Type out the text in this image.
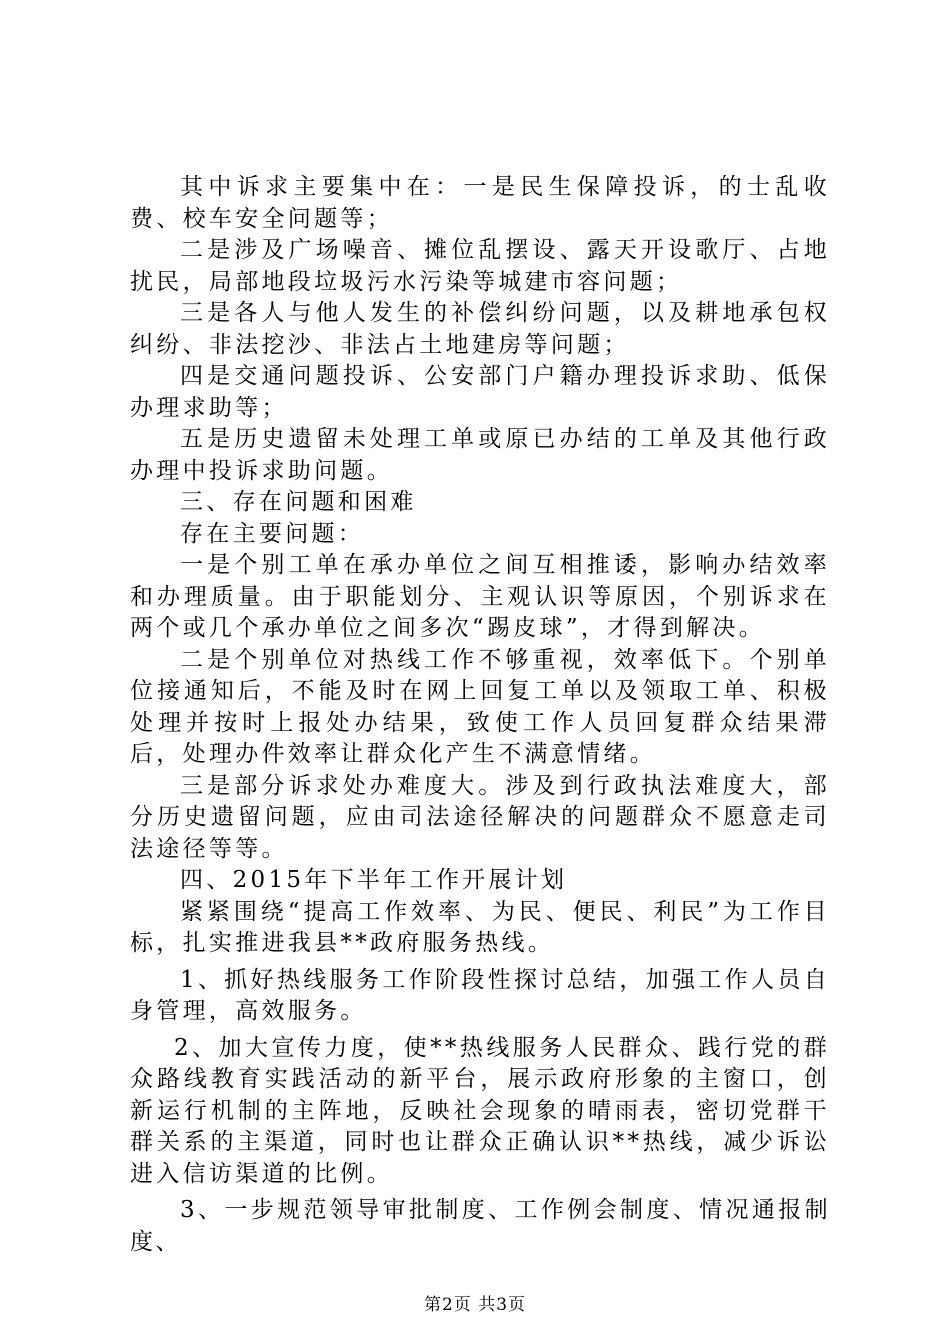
其中诉求主要集中在：一是民生保障投诉，的士乱收费、校车安全问题等；

二是涉及广场噪音、摊位乱摆设、露天开设歌厅、占地扰民，局部地段垃圾污水污染等城建市容问题；

三是各人与他人发生的补偿纠纷问题，以及耕地承包权纠纷、非法挖沙、非法占土地建房等问题；

四是交通问题投诉、公安部门户籍办理投诉求助、低保办理求助等；

五是历史遗留未处理工单或原已办结的工单及其他行政办理中投诉求助问题。

三、存在问题和困难

存在主要问题：

一是个别工单在承办单位之间互相推诿，影响办结效率和办理质量。由于职能划分、主观认识等原因，个别诉求在两个或几个承办单位之间多次“踢皮球”，才得到解决。

二是个别单位对热线工作不够重视，效率低下。个别单位接通知后，不能及时在网上回复工单以及领取工单、积极处理并按时上报处办结果，致使工作人员回复群众结果滞后，处理办件效率让群众化产生不满意情绪。

三是部分诉求处办难度大。涉及到行政执法难度大，部分历史遗留问题，应由司法途径解决的问题群众不愿意走司法途径等等。

四、2015年下半年工作开展计划

紧紧围绕“提高工作效率、为民、便民、利民”为工作目标，扎实推进我县**政府服务热线。

1、抓好热线服务工作阶段性探讨总结，加强工作人员自身管理，高效服务。

2、加大宣传力度，使**热线服务人民群众、践行党的群众路线教育实践活动的新平台，展示政府形象的主窗口，创新运行机制的主阵地，反映社会现象的晴雨表，密切党群干群关系的主渠道，同时也让群众正确认识**热线，减少诉讼进入信访渠道的比例。

3、一步规范领导审批制度、工作例会制度、情况通报制度、

第2页 共3页
